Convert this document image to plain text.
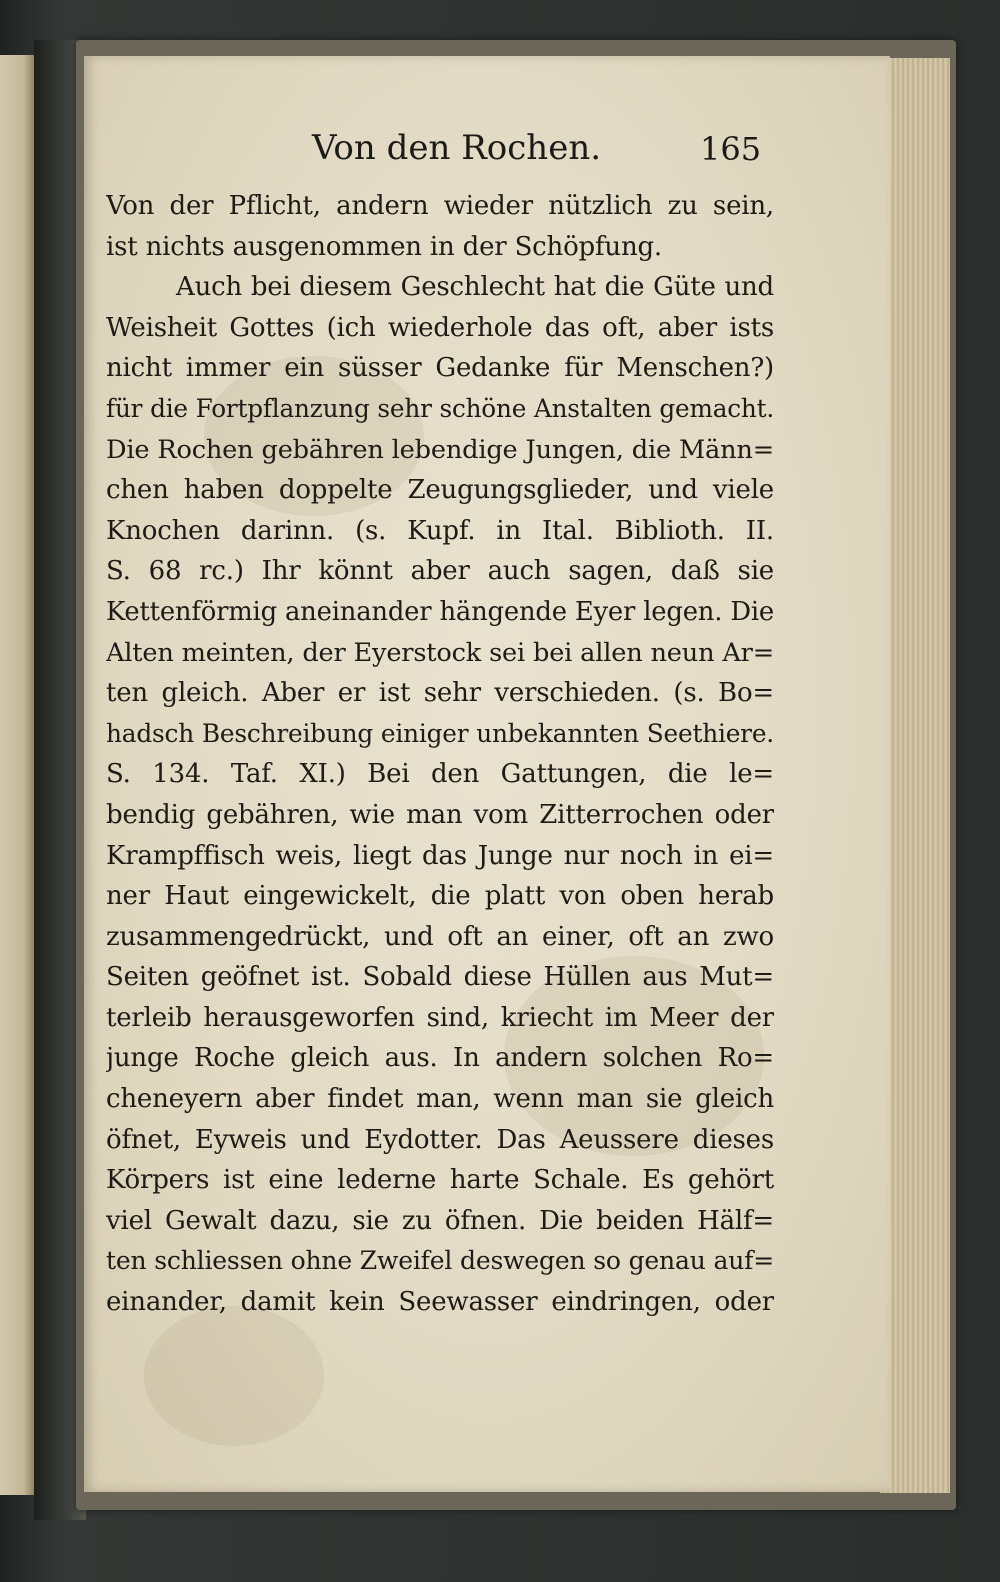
Von den Rochen.	165
Von der Pflicht, andern wieder nützlich zu sein,
ist nichts ausgenommen in der Schöpfung.
Auch bei diesem Geschlecht hat die Güte und
Weisheit Gottes (ich wiederhole das oft, aber ists
nicht immer ein süsser Gedanke für Menschen?)
für die Fortpflanzung sehr schöne Anstalten gemacht.
Die Rochen gebähren lebendige Jungen, die Männ=
chen haben doppelte Zeugungsglieder, und viele
Knochen darinn. (s. Kupf. in Ital. Biblioth. II.
S. 68 rc.) Ihr könnt aber auch sagen, daß sie
Kettenförmig aneinander hängende Eyer legen. Die
Alten meinten, der Eyerstock sei bei allen neun Ar=
ten gleich. Aber er ist sehr verschieden. (s. Bo=
hadsch Beschreibung einiger unbekannten Seethiere.
S. 134. Taf. XI.) Bei den Gattungen, die le=
bendig gebähren, wie man vom Zitterrochen oder
Krampffisch weis, liegt das Junge nur noch in ei=
ner Haut eingewickelt, die platt von oben herab
zusammengedrückt, und oft an einer, oft an zwo
Seiten geöfnet ist. Sobald diese Hüllen aus Mut=
terleib herausgeworfen sind, kriecht im Meer der
junge Roche gleich aus. In andern solchen Ro=
cheneyern aber findet man, wenn man sie gleich
öfnet, Eyweis und Eydotter. Das Aeussere dieses
Körpers ist eine lederne harte Schale. Es gehört
viel Gewalt dazu, sie zu öfnen. Die beiden Hälf=
ten schliessen ohne Zweifel deswegen so genau auf=
einander, damit kein Seewasser eindringen, oder
